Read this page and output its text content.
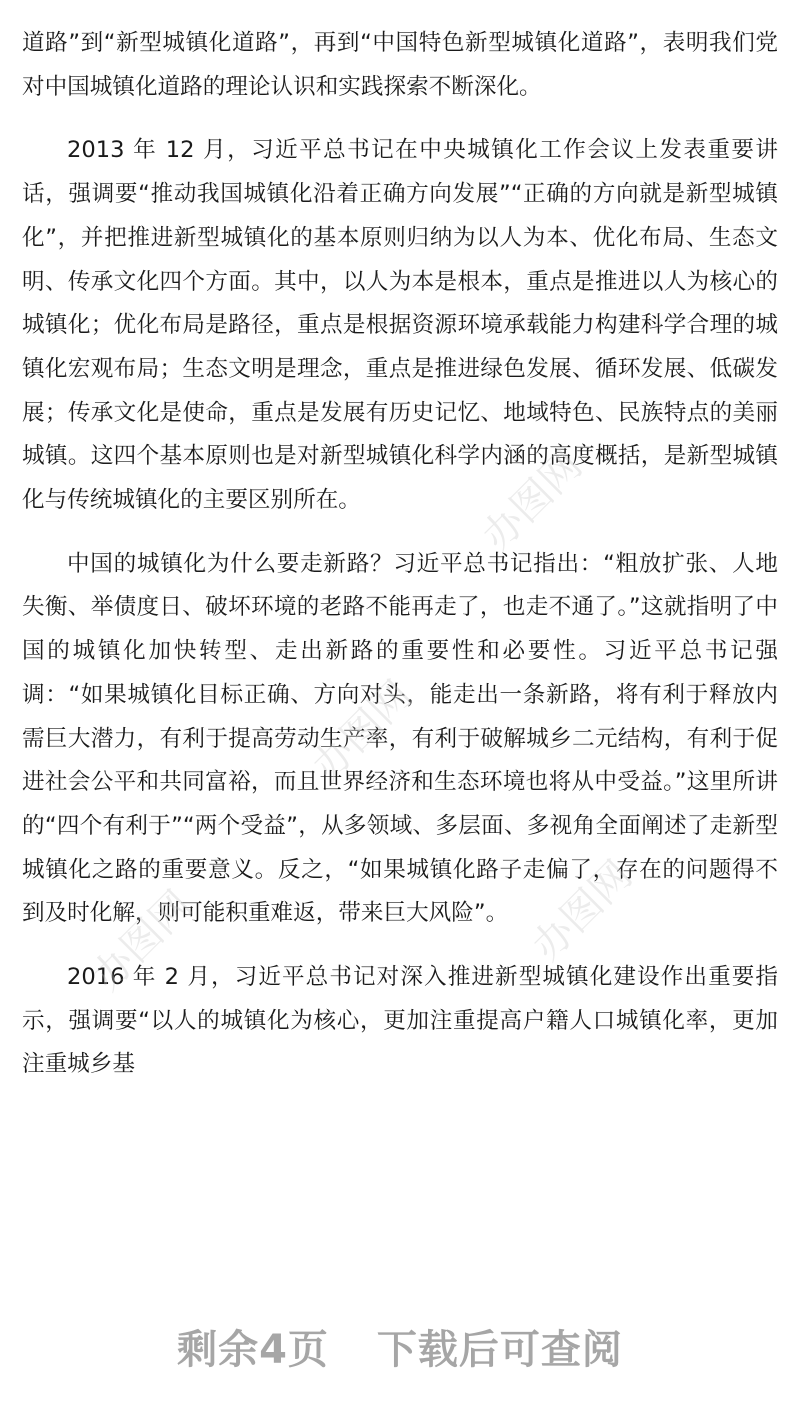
道路”到“新型城镇化道路”，再到“中国特色新型城镇化道路”，表明我们党对中国城镇化道路的理论认识和实践探索不断深化。

2013 年 12 月，习近平总书记在中央城镇化工作会议上发表重要讲话，强调要“推动我国城镇化沿着正确方向发展”“正确的方向就是新型城镇化”，并把推进新型城镇化的基本原则归纳为以人为本、优化布局、生态文明、传承文化四个方面。其中，以人为本是根本，重点是推进以人为核心的城镇化；优化布局是路径，重点是根据资源环境承载能力构建科学合理的城镇化宏观布局；生态文明是理念，重点是推进绿色发展、循环发展、低碳发展；传承文化是使命，重点是发展有历史记忆、地域特色、民族特点的美丽城镇。这四个基本原则也是对新型城镇化科学内涵的高度概括，是新型城镇化与传统城镇化的主要区别所在。

中国的城镇化为什么要走新路？习近平总书记指出：“粗放扩张、人地失衡、举债度日、破坏环境的老路不能再走了，也走不通了。”这就指明了中国的城镇化加快转型、走出新路的重要性和必要性。习近平总书记强调：“如果城镇化目标正确、方向对头，能走出一条新路，将有利于释放内需巨大潜力，有利于提高劳动生产率，有利于破解城乡二元结构，有利于促进社会公平和共同富裕，而且世界经济和生态环境也将从中受益。”这里所讲的“四个有利于”“两个受益”，从多领域、多层面、多视角全面阐述了走新型城镇化之路的重要意义。反之，“如果城镇化路子走偏了，存在的问题得不到及时化解，则可能积重难返，带来巨大风险”。

2016 年 2 月，习近平总书记对深入推进新型城镇化建设作出重要指示，强调要“以人的城镇化为核心，更加注重提高户籍人口城镇化率，更加注重城乡基

办图网
办图网
办图网
办图网
剩余4页 下载后可查阅
